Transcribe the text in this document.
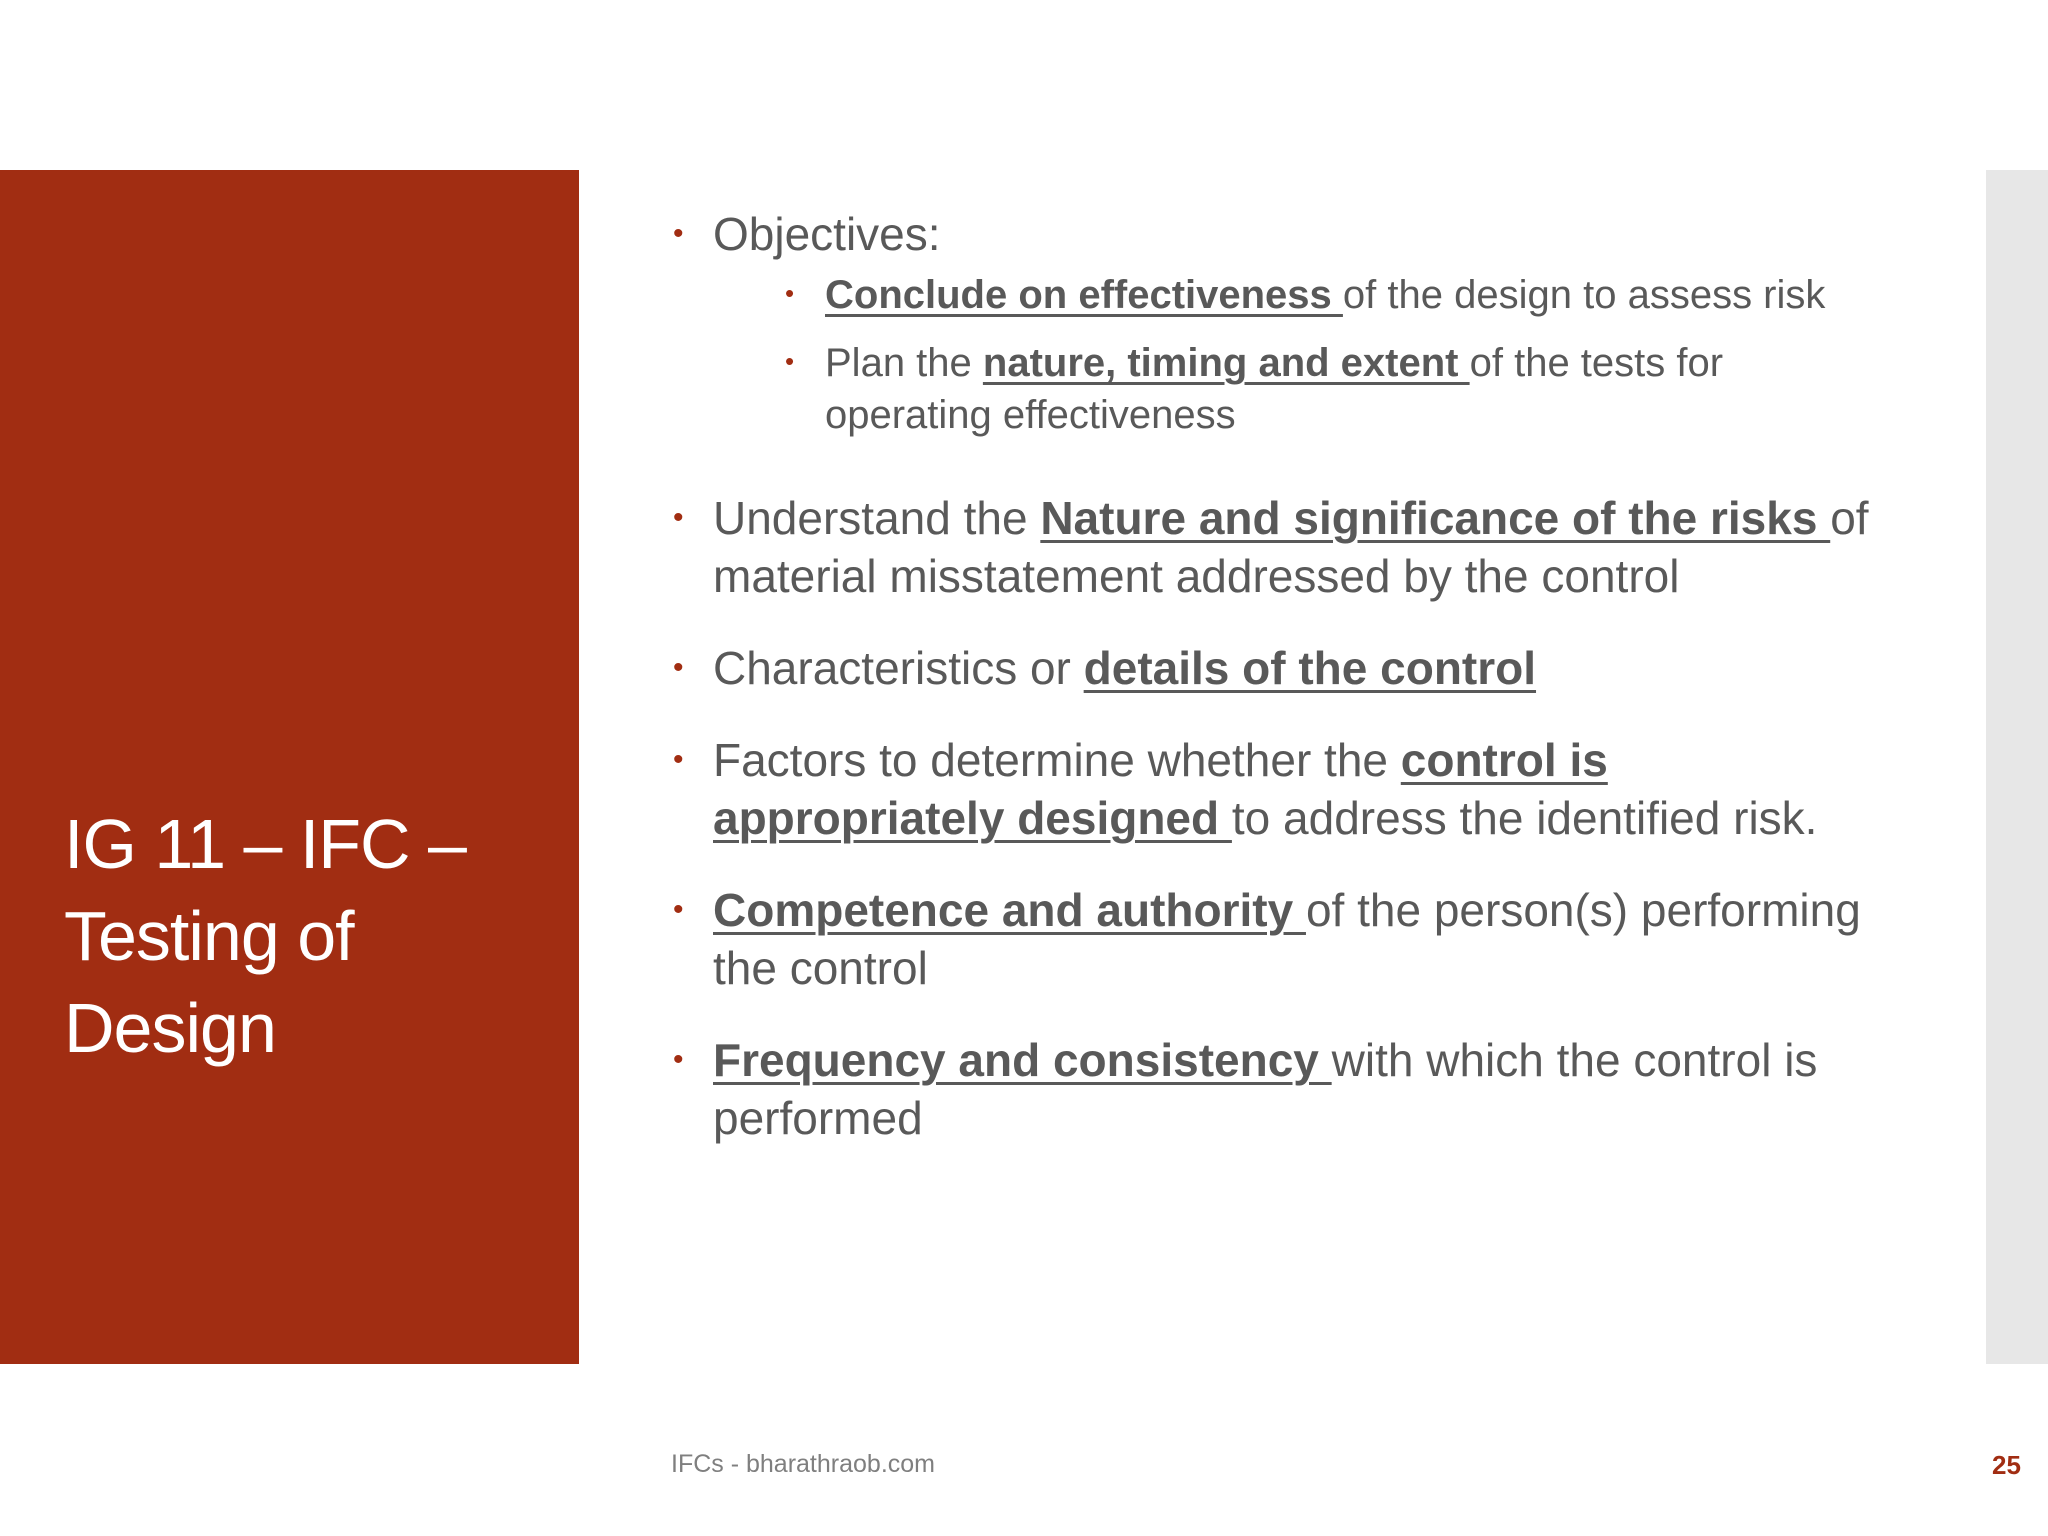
IG 11 – IFC –
Testing of
Design
• Objectives:
• Conclude on effectiveness of the design to assess risk
• Plan the nature, timing and extent of the tests for operating effectiveness
• Understand the Nature and significance of the risks of material misstatement addressed by the control
• Characteristics or details of the control
• Factors to determine whether the control is appropriately designed to address the identified risk.
• Competence and authority of the person(s) performing the control
• Frequency and consistency with which the control is performed
IFCs - bharathraob.com	25
